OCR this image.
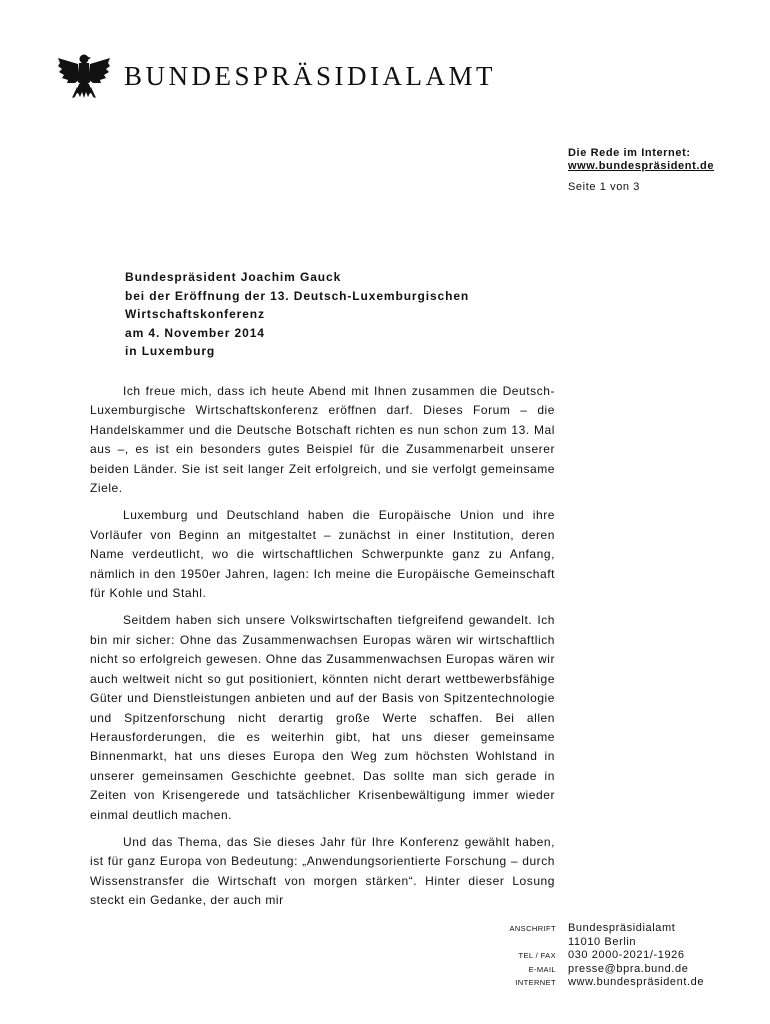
BUNDESPRÄSIDIALAMT
Die Rede im Internet:
www.bundespräsident.de
Seite 1 von 3
Bundespräsident Joachim Gauck
bei der Eröffnung der 13. Deutsch-Luxemburgischen
Wirtschaftskonferenz
am 4. November 2014
in Luxemburg

Ich freue mich, dass ich heute Abend mit Ihnen zusammen die Deutsch-Luxemburgische Wirtschaftskonferenz eröffnen darf. Dieses Forum – die Handelskammer und die Deutsche Botschaft richten es nun schon zum 13. Mal aus –, es ist ein besonders gutes Beispiel für die Zusammenarbeit unserer beiden Länder. Sie ist seit langer Zeit erfolgreich, und sie verfolgt gemeinsame Ziele.

Luxemburg und Deutschland haben die Europäische Union und ihre Vorläufer von Beginn an mitgestaltet – zunächst in einer Institution, deren Name verdeutlicht, wo die wirtschaftlichen Schwerpunkte ganz zu Anfang, nämlich in den 1950er Jahren, lagen: Ich meine die Europäische Gemeinschaft für Kohle und Stahl.

Seitdem haben sich unsere Volkswirtschaften tiefgreifend gewandelt. Ich bin mir sicher: Ohne das Zusammenwachsen Europas wären wir wirtschaftlich nicht so erfolgreich gewesen. Ohne das Zusammenwachsen Europas wären wir auch weltweit nicht so gut positioniert, könnten nicht derart wettbewerbsfähige Güter und Dienstleistungen anbieten und auf der Basis von Spitzentechnologie und Spitzenforschung nicht derartig große Werte schaffen. Bei allen Herausforderungen, die es weiterhin gibt, hat uns dieser gemeinsame Binnenmarkt, hat uns dieses Europa den Weg zum höchsten Wohlstand in unserer gemeinsamen Geschichte geebnet. Das sollte man sich gerade in Zeiten von Krisengerede und tatsächlicher Krisenbewältigung immer wieder einmal deutlich machen.

Und das Thema, das Sie dieses Jahr für Ihre Konferenz gewählt haben, ist für ganz Europa von Bedeutung: „Anwendungsorientierte Forschung – durch Wissenstransfer die Wirtschaft von morgen stärken“. Hinter dieser Losung steckt ein Gedanke, der auch mir

ANSCHRIFT	Bundespräsidialamt
11010 Berlin
TEL / FAX	030 2000-2021/-1926
E-MAIL	presse@bpra.bund.de
INTERNET	www.bundespräsident.de
